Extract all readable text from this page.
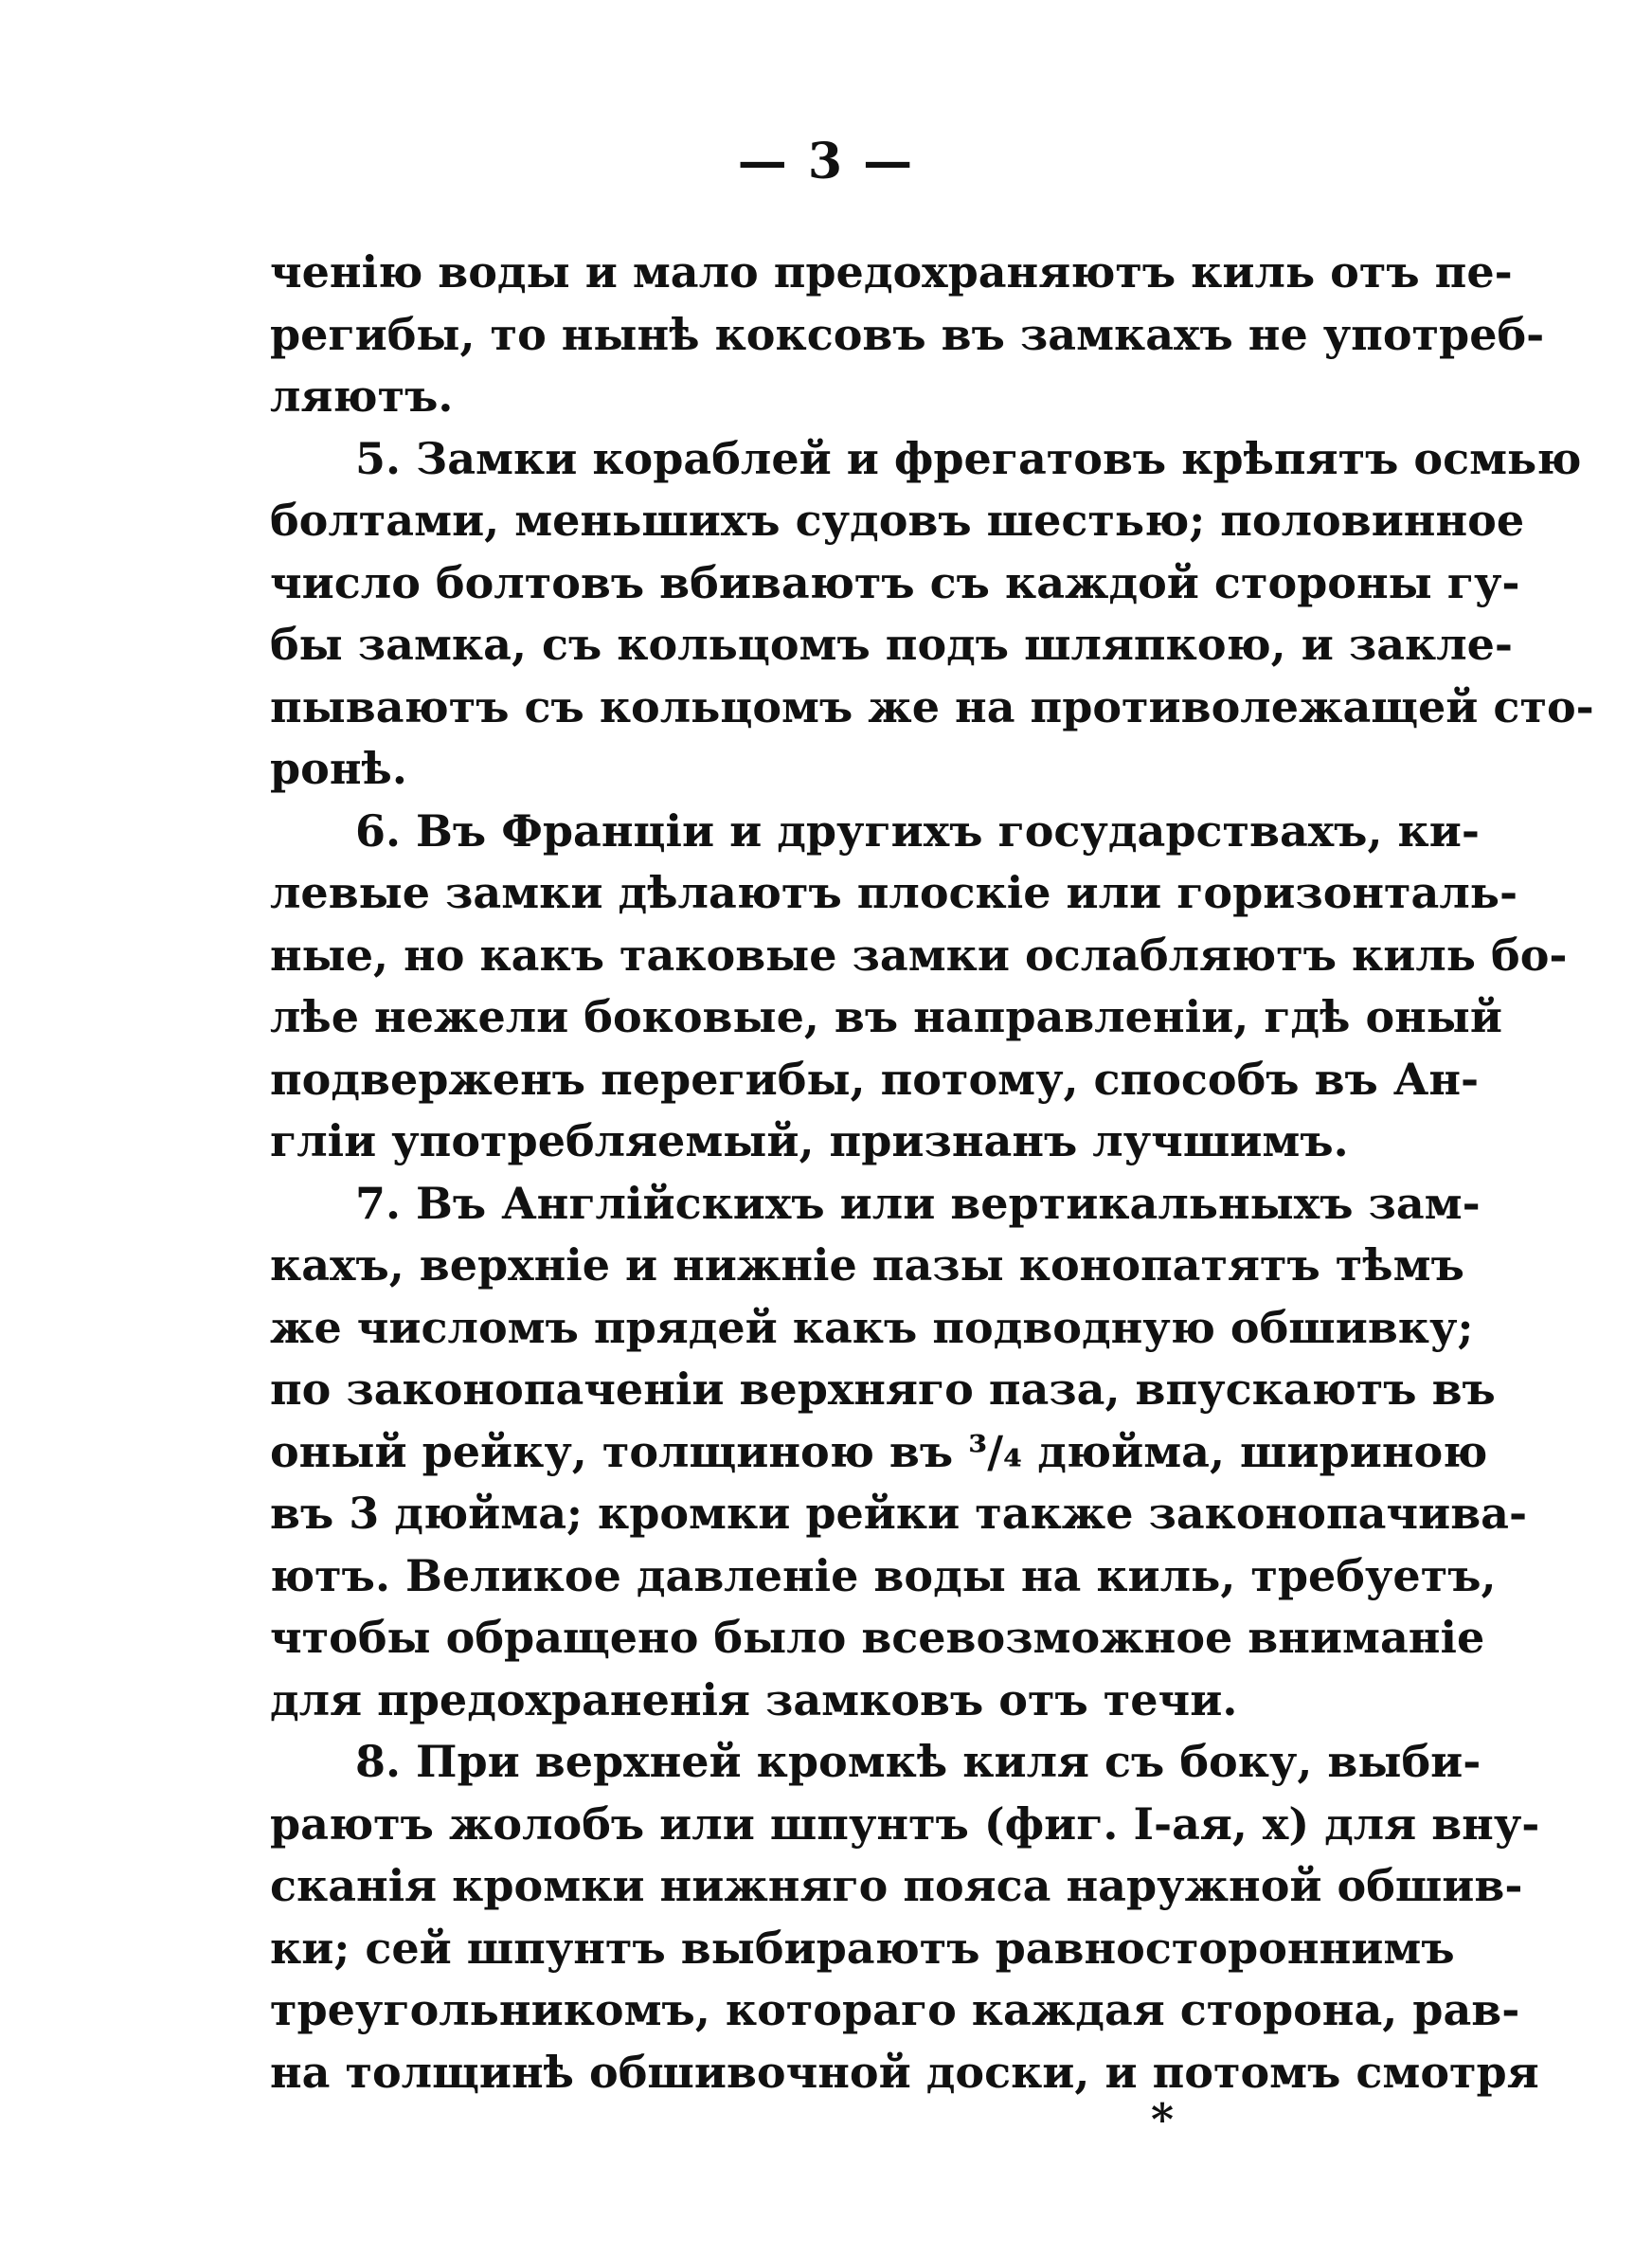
— 3 —
ченію воды и мало предохраняютъ киль отъ пе-
регибы, то нынѣ коксовъ въ замкахъ не употреб-
ляютъ.
5. Замки кораблей и фрегатовъ крѣпятъ осмью
болтами, меньшихъ судовъ шестью; половинное
число болтовъ вбиваютъ съ каждой стороны гу-
бы замка, съ кольцомъ подъ шляпкою, и закле-
пываютъ съ кольцомъ же на противолежащей сто-
ронѣ.
6. Въ Франціи и другихъ государствахъ, ки-
левые замки дѣлаютъ плоскіе или горизонталь-
ные, но какъ таковые замки ослабляютъ киль бо-
лѣе нежели боковые, въ направленіи, гдѣ оный
подверженъ перегибы, потому, способъ въ Ан-
гліи употребляемый, признанъ лучшимъ.
7. Въ Англійскихъ или вертикальныхъ зам-
кахъ, верхніе и нижніе пазы конопатятъ тѣмъ
же числомъ прядей какъ подводную обшивку;
по законопаченіи верхняго паза, впускаютъ въ
оный рейку, толщиною въ ³/₄ дюйма, шириною
въ 3 дюйма; кромки рейки также законопачива-
ютъ. Великое давленіе воды на киль, требуетъ,
чтобы обращено было всевозможное вниманіе
для предохраненія замковъ отъ течи.
8. При верхней кромкѣ киля съ боку, выби-
раютъ жолобъ или шпунтъ (фиг. I-ая, x) для вну-
сканія кромки нижняго пояса наружной обшив-
ки; сей шпунтъ выбираютъ равностороннимъ
треугольникомъ, котораго каждая сторона, рав-
на толщинѣ обшивочной доски, и потомъ смотря
*
